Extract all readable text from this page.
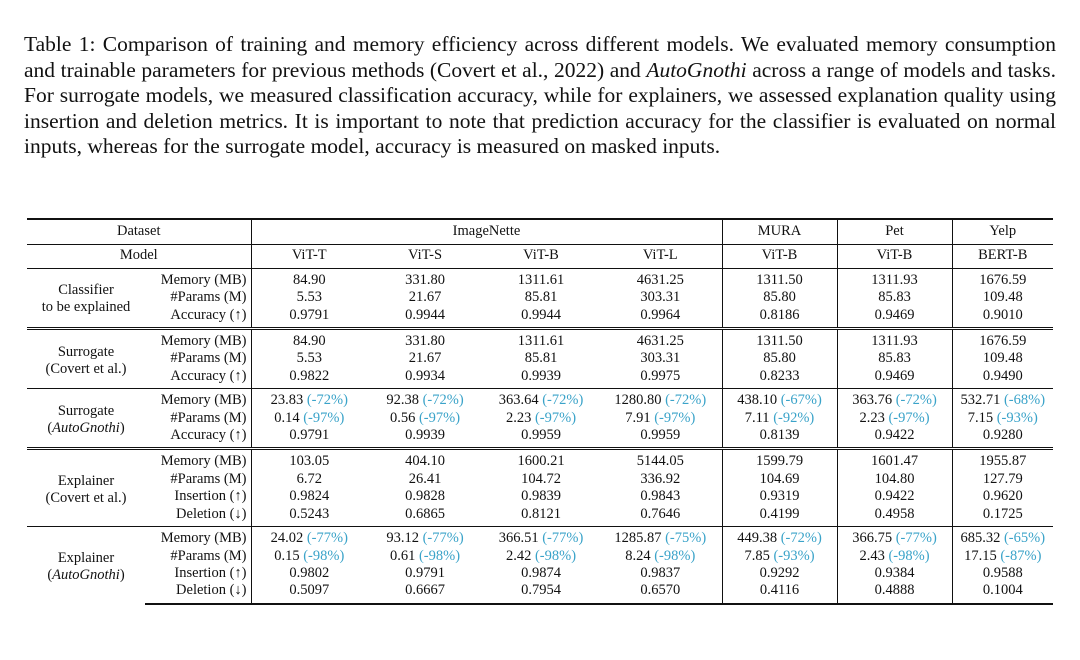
Table 1: Comparison of training and memory efficiency across different models. We evaluated memory consumption and trainable parameters for previous methods (Covert et al., 2022) and AutoGnothi across a range of models and tasks. For surrogate models, we measured classification accuracy, while for explainers, we assessed explanation quality using insertion and deletion metrics. It is important to note that prediction accuracy for the classifier is evaluated on normal inputs, whereas for the surrogate model, accuracy is measured on masked inputs.
Dataset		ImageNette				MURA	Pet	Yelp
Model		ViT-T	ViT-S	ViT-B	ViT-L	ViT-B	ViT-B	BERT-B
Classifier
to be explained	Memory (MB)	84.90	331.80	1311.61	4631.25	1311.50	1311.93	1676.59
	#Params (M)	5.53	21.67	85.81	303.31	85.80	85.83	109.48
	Accuracy (↑)	0.9791	0.9944	0.9944	0.9964	0.8186	0.9469	0.9010
Surrogate
(Covert et al.)	Memory (MB)	84.90	331.80	1311.61	4631.25	1311.50	1311.93	1676.59
	#Params (M)	5.53	21.67	85.81	303.31	85.80	85.83	109.48
	Accuracy (↑)	0.9822	0.9934	0.9939	0.9975	0.8233	0.9469	0.9490
Surrogate
(AutoGnothi)	Memory (MB)	23.83 (-72%)	92.38 (-72%)	363.64 (-72%)	1280.80 (-72%)	438.10 (-67%)	363.76 (-72%)	532.71 (-68%)
	#Params (M)	0.14 (-97%)	0.56 (-97%)	2.23 (-97%)	7.91 (-97%)	7.11 (-92%)	2.23 (-97%)	7.15 (-93%)
	Accuracy (↑)	0.9791	0.9939	0.9959	0.9959	0.8139	0.9422	0.9280
Explainer
(Covert et al.)	Memory (MB)	103.05	404.10	1600.21	5144.05	1599.79	1601.47	1955.87
	#Params (M)	6.72	26.41	104.72	336.92	104.69	104.80	127.79
	Insertion (↑)	0.9824	0.9828	0.9839	0.9843	0.9319	0.9422	0.9620
	Deletion (↓)	0.5243	0.6865	0.8121	0.7646	0.4199	0.4958	0.1725
Explainer
(AutoGnothi)	Memory (MB)	24.02 (-77%)	93.12 (-77%)	366.51 (-77%)	1285.87 (-75%)	449.38 (-72%)	366.75 (-77%)	685.32 (-65%)
	#Params (M)	0.15 (-98%)	0.61 (-98%)	2.42 (-98%)	8.24 (-98%)	7.85 (-93%)	2.43 (-98%)	17.15 (-87%)
	Insertion (↑)	0.9802	0.9791	0.9874	0.9837	0.9292	0.9384	0.9588
	Deletion (↓)	0.5097	0.6667	0.7954	0.6570	0.4116	0.4888	0.1004
